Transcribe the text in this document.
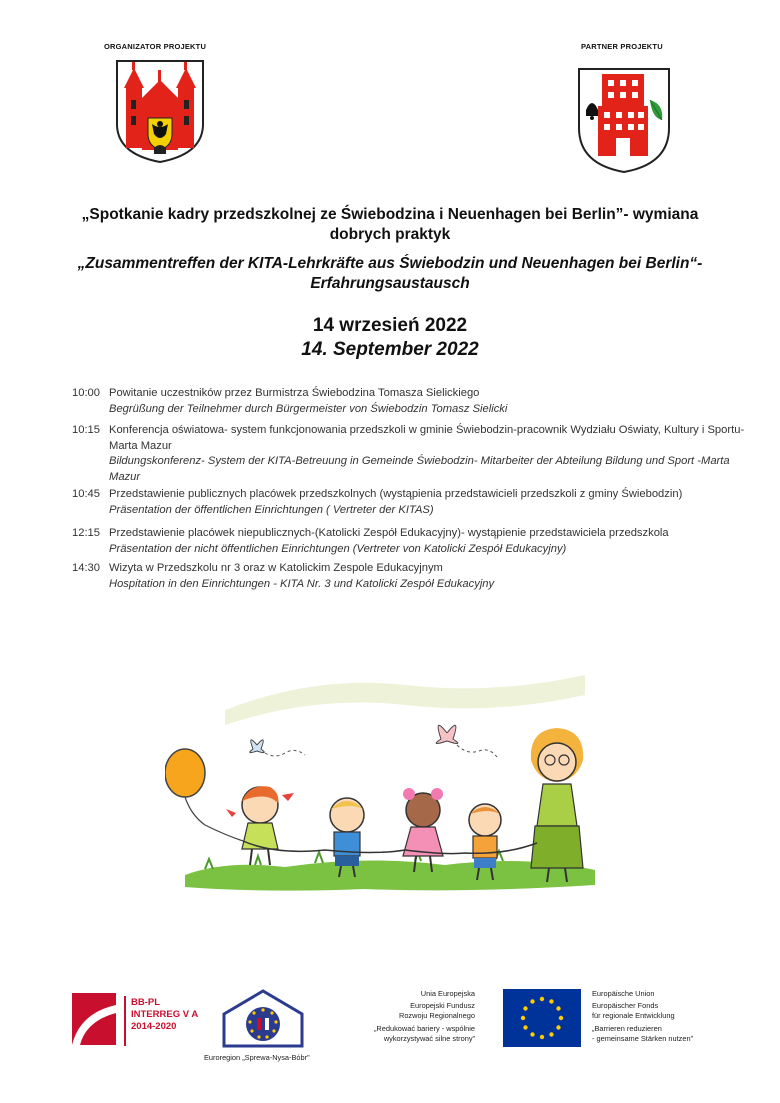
ORGANIZATOR PROJEKTU	PARTNER PROJEKTU
„Spotkanie kadry przedszkolnej ze Świebodzina i Neuenhagen bei Berlin”- wymiana
dobrych praktyk
„Zusammentreffen der KITA-Lehrkräfte aus Świebodzin und Neuenhagen bei Berlin“-
Erfahrungsaustausch
14 wrzesień 2022
14. September 2022
10:00 Powitanie uczestników przez Burmistrza Świebodzina Tomasza Sielickiego
Begrüßung der Teilnehmer durch Bürgermeister von Świebodzin Tomasz Sielicki
10:15 Konferencja oświatowa- system funkcjonowania przedszkoli w gminie Świebodzin-pracownik Wydziału Oświaty, Kultury i Sportu- Marta Mazur
Bildungskonferenz- System der KITA-Betreuung in Gemeinde Świebodzin- Mitarbeiter der Abteilung Bildung und Sport -Marta Mazur
10:45 Przedstawienie publicznych placówek przedszkolnych (wystąpienia przedstawicieli przedszkoli z gminy Świebodzin)
Präsentation der öffentlichen Einrichtungen ( Vertreter der KITAS)
12:15 Przedstawienie placówek niepublicznych-(Katolicki Zespół Edukacyjny)- wystąpienie przedstawiciela przedszkola
Präsentation der nicht öffentlichen Einrichtungen (Vertreter von Katolicki Zespół Edukacyjny)
14:30 Wizyta w Przedszkolu nr 3 oraz w Katolickim Zespole Edukacyjnym
Hospitation in den Einrichtungen - KITA Nr. 3 und Katolicki Zespół Edukacyjny
BB-PL
INTERREG V A
2014-2020
Euroregion „Sprewa-Nysa-Bóbr”
Unia Europejska
Europejski Fundusz
Rozwoju Regionalnego
„Redukować bariery - wspólnie
wykorzystywać silne strony”
Europäische Union
Europäischer Fonds
für regionale Entwicklung
„Barrieren reduzieren
- gemeinsame Stärken nutzen”
